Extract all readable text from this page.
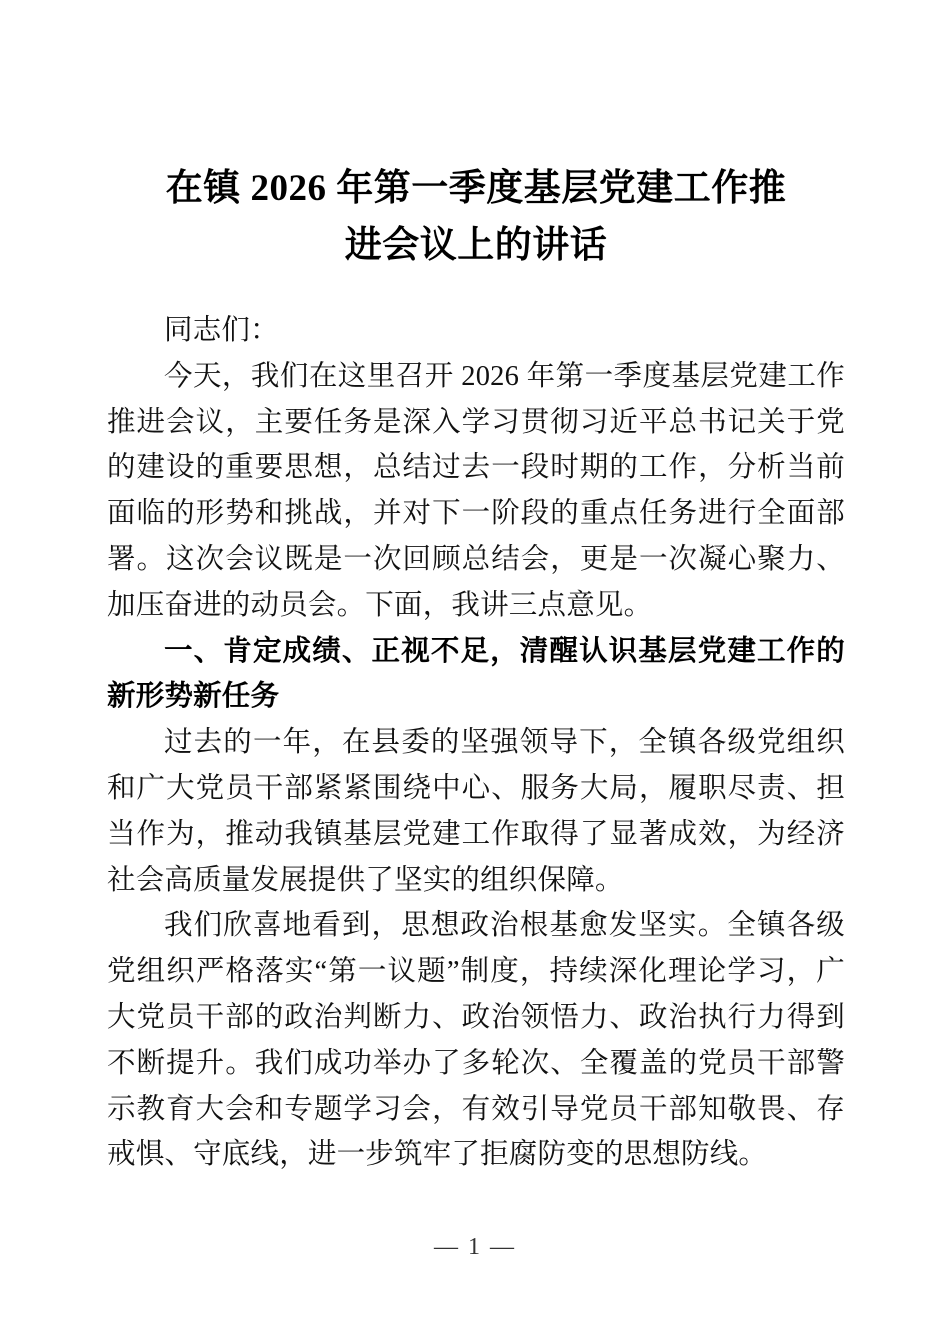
在镇 2026 年第一季度基层党建工作推
进会议上的讲话

同志们：

今天，我们在这里召开 2026 年第一季度基层党建工作推进会议，主要任务是深入学习贯彻习近平总书记关于党的建设的重要思想，总结过去一段时期的工作，分析当前面临的形势和挑战，并对下一阶段的重点任务进行全面部署。这次会议既是一次回顾总结会，更是一次凝心聚力、加压奋进的动员会。下面，我讲三点意见。

一、肯定成绩、正视不足，清醒认识基层党建工作的新形势新任务

过去的一年，在县委的坚强领导下，全镇各级党组织和广大党员干部紧紧围绕中心、服务大局，履职尽责、担当作为，推动我镇基层党建工作取得了显著成效，为经济社会高质量发展提供了坚实的组织保障。

我们欣喜地看到，思想政治根基愈发坚实。全镇各级党组织严格落实“第一议题”制度，持续深化理论学习，广大党员干部的政治判断力、政治领悟力、政治执行力得到不断提升。我们成功举办了多轮次、全覆盖的党员干部警示教育大会和专题学习会，有效引导党员干部知敬畏、存戒惧、守底线，进一步筑牢了拒腐防变的思想防线。

— 1 —
